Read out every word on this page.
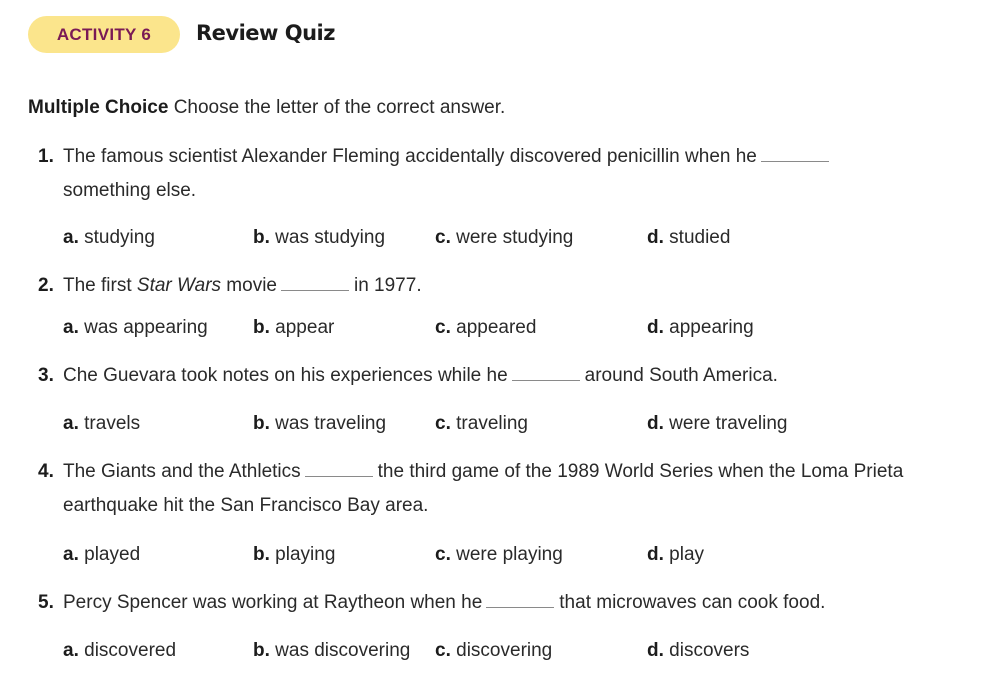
ACTIVITY 6	Review Quiz
Multiple Choice Choose the letter of the correct answer.
1. The famous scientist Alexander Fleming accidentally discovered penicillin when he
something else.
a. studying	b. was studying	c. were studying	d. studied
2. The first Star Wars movie	in 1977.
a. was appearing b. appear	c. appeared	d. appearing
3. Che Guevara took notes on his experiences while he	around South America.
a. travels	b. was traveling	c. traveling	d. were traveling
4. The Giants and the Athletics	the third game of the 1989 World Series when the Loma Prieta
earthquake hit the San Francisco Bay area.
a. played	b. playing	c. were playing	d. play
5. Percy Spencer was working at Raytheon when he	that microwaves can cook food.
a. discovered	b. was discovering c. discovering	d. discovers
